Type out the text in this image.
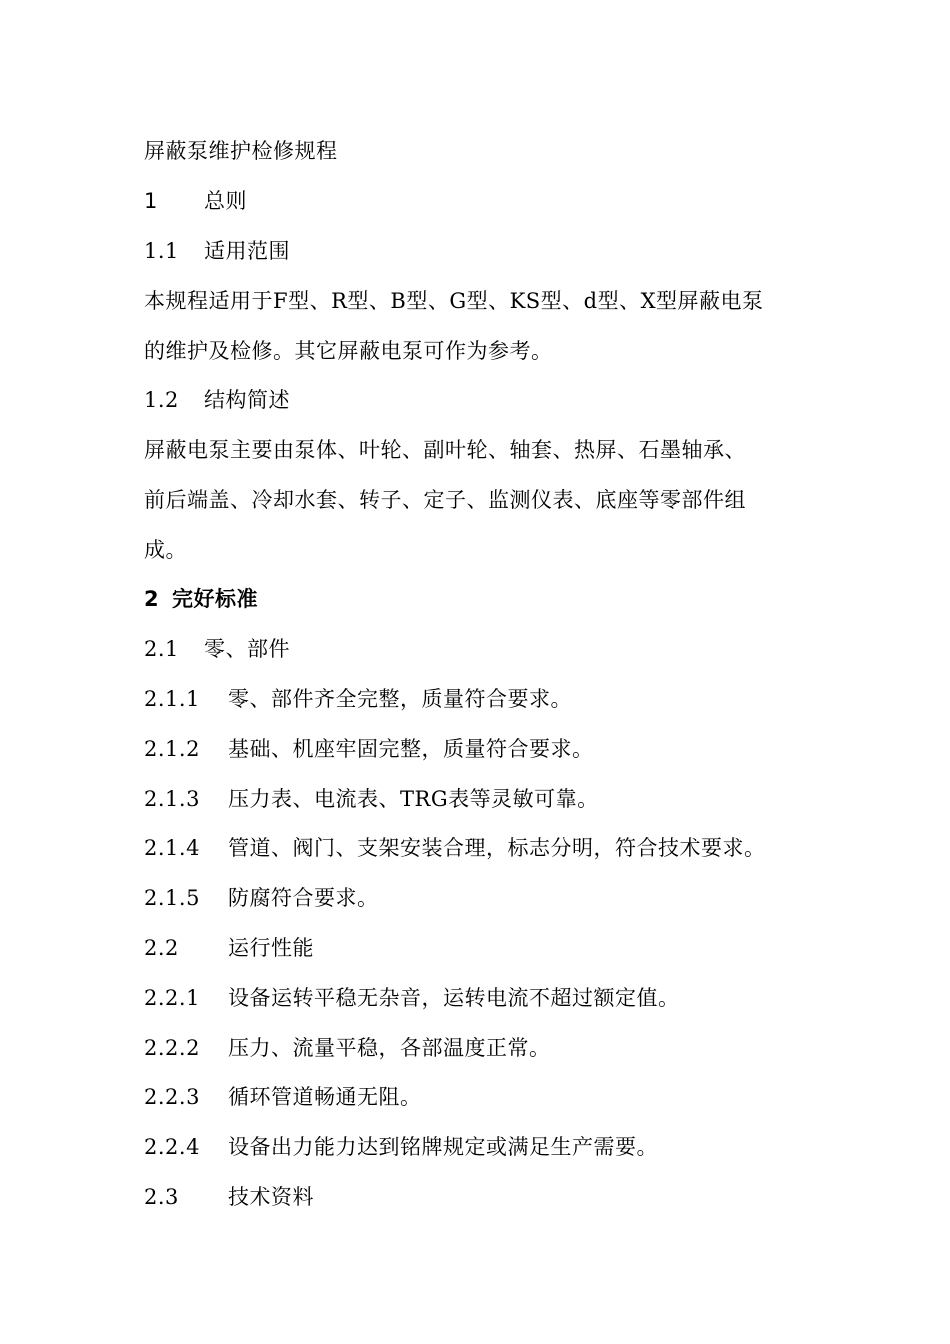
屏蔽泵维护检修规程
1 总则
1.1 适用范围
本规程适用于F型、R型、B型、G型、KS型、d型、X型屏蔽电泵
的维护及检修。其它屏蔽电泵可作为参考。
1.2 结构简述
屏蔽电泵主要由泵体、叶轮、副叶轮、轴套、热屏、石墨轴承、
前后端盖、冷却水套、转子、定子、监测仪表、底座等零部件组
成。
2 完好标准
2.1 零、部件
2.1.1 零、部件齐全完整，质量符合要求。
2.1.2 基础、机座牢固完整，质量符合要求。
2.1.3 压力表、电流表、TRG表等灵敏可靠。
2.1.4 管道、阀门、支架安装合理，标志分明，符合技术要求。
2.1.5 防腐符合要求。
2.2 运行性能
2.2.1 设备运转平稳无杂音，运转电流不超过额定值。
2.2.2 压力、流量平稳，各部温度正常。
2.2.3 循环管道畅通无阻。
2.2.4 设备出力能力达到铭牌规定或满足生产需要。
2.3 技术资料
